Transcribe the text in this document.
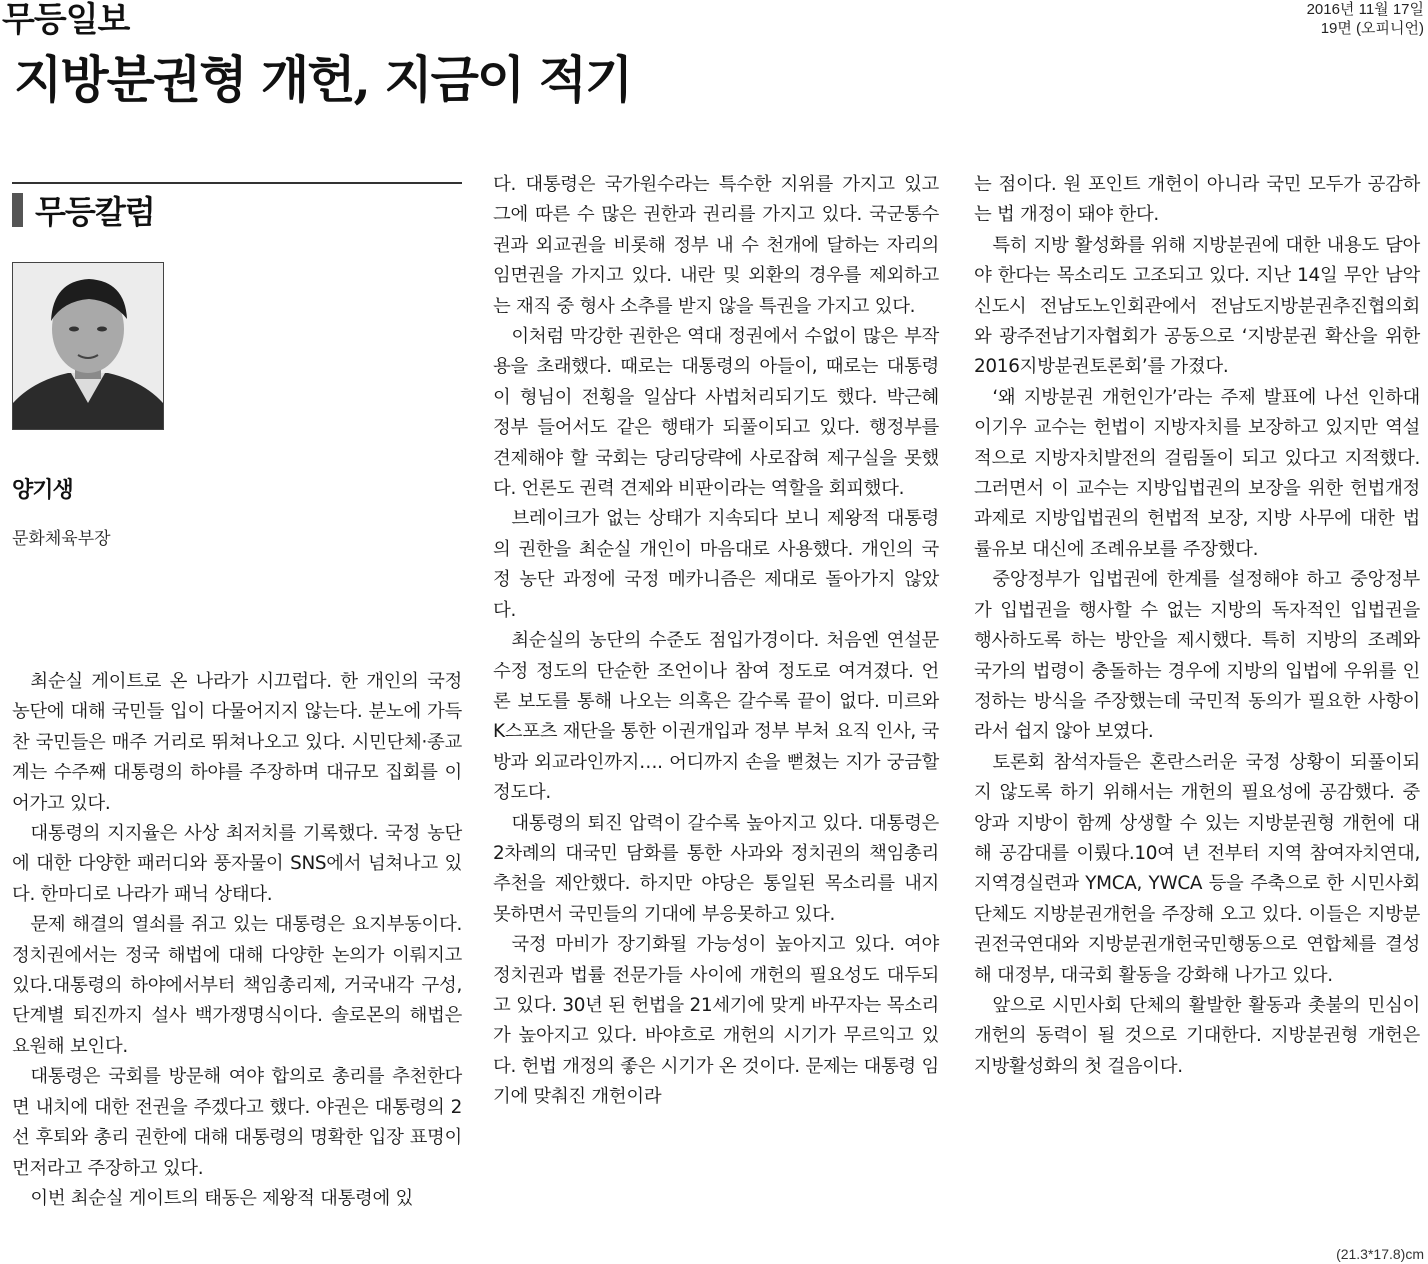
무등일보	2016년 11월 17일
19면 (오피니언)
지방분권형 개헌, 지금이 적기
무등칼럼
양기생
문화체육부장

최순실 게이트로 온 나라가 시끄럽다. 한 개인의 국정 농단에 대해 국민들 입이 다물어지지 않는다. 분노에 가득찬 국민들은 매주 거리로 뛰쳐나오고 있다. 시민단체·종교계는 수주째 대통령의 하야를 주장하며 대규모 집회를 이어가고 있다.

대통령의 지지율은 사상 최저치를 기록했다. 국정 농단에 대한 다양한 패러디와 풍자물이 SNS에서 넘쳐나고 있다. 한마디로 나라가 패닉 상태다.

문제 해결의 열쇠를 쥐고 있는 대통령은 요지부동이다. 정치권에서는 정국 해법에 대해 다양한 논의가 이뤄지고 있다.대통령의 하야에서부터 책임총리제, 거국내각 구성, 단계별 퇴진까지 설사 백가쟁명식이다. 솔로몬의 해법은 요원해 보인다.

대통령은 국회를 방문해 여야 합의로 총리를 추천한다면 내치에 대한 전권을 주겠다고 했다. 야권은 대통령의 2선 후퇴와 총리 권한에 대해 대통령의 명확한 입장 표명이 먼저라고 주장하고 있다.

이번 최순실 게이트의 태동은 제왕적 대통령에 있

다. 대통령은 국가원수라는 특수한 지위를 가지고 있고 그에 따른 수 많은 권한과 권리를 가지고 있다. 국군통수권과 외교권을 비롯해 정부 내 수 천개에 달하는 자리의 임면권을 가지고 있다. 내란 및 외환의 경우를 제외하고는 재직 중 형사 소추를 받지 않을 특권을 가지고 있다.

이처럼 막강한 권한은 역대 정권에서 수없이 많은 부작용을 초래했다. 때로는 대통령의 아들이, 때로는 대통령이 형님이 전횡을 일삼다 사법처리되기도 했다. 박근혜 정부 들어서도 같은 행태가 되풀이되고 있다. 행정부를 견제해야 할 국회는 당리당략에 사로잡혀 제구실을 못했다. 언론도 권력 견제와 비판이라는 역할을 회피했다.

브레이크가 없는 상태가 지속되다 보니 제왕적 대통령의 권한을 최순실 개인이 마음대로 사용했다. 개인의 국정 농단 과정에 국정 메카니즘은 제대로 돌아가지 않았다.

최순실의 농단의 수준도 점입가경이다. 처음엔 연설문 수정 정도의 단순한 조언이나 참여 정도로 여겨졌다. 언론 보도를 통해 나오는 의혹은 갈수록 끝이 없다. 미르와 K스포츠 재단을 통한 이권개입과 정부 부처 요직 인사, 국방과 외교라인까지…. 어디까지 손을 뻗쳤는 지가 궁금할 정도다.

대통령의 퇴진 압력이 갈수록 높아지고 있다. 대통령은 2차례의 대국민 담화를 통한 사과와 정치권의 책임총리 추천을 제안했다. 하지만 야당은 통일된 목소리를 내지 못하면서 국민들의 기대에 부응못하고 있다.

국정 마비가 장기화될 가능성이 높아지고 있다. 여야 정치권과 법률 전문가들 사이에 개헌의 필요성도 대두되고 있다. 30년 된 헌법을 21세기에 맞게 바꾸자는 목소리가 높아지고 있다. 바야흐로 개헌의 시기가 무르익고 있다. 헌법 개정의 좋은 시기가 온 것이다. 문제는 대통령 임기에 맞춰진 개헌이라

는 점이다. 원 포인트 개헌이 아니라 국민 모두가 공감하는 법 개정이 돼야 한다.

특히 지방 활성화를 위해 지방분권에 대한 내용도 담아야 한다는 목소리도 고조되고 있다. 지난 14일 무안 남악신도시 전남도노인회관에서 전남도지방분권추진협의회와 광주전남기자협회가 공동으로 ‘지방분권 확산을 위한 2016지방분권토론회’를 가졌다.

‘왜 지방분권 개헌인가’라는 주제 발표에 나선 인하대 이기우 교수는 헌법이 지방자치를 보장하고 있지만 역설적으로 지방자치발전의 걸림돌이 되고 있다고 지적했다. 그러면서 이 교수는 지방입법권의 보장을 위한 헌법개정과제로 지방입법권의 헌법적 보장, 지방 사무에 대한 법률유보 대신에 조례유보를 주장했다.

중앙정부가 입법권에 한계를 설정해야 하고 중앙정부가 입법권을 행사할 수 없는 지방의 독자적인 입법권을 행사하도록 하는 방안을 제시했다. 특히 지방의 조례와 국가의 법령이 충돌하는 경우에 지방의 입법에 우위를 인정하는 방식을 주장했는데 국민적 동의가 필요한 사항이라서 쉽지 않아 보였다.

토론회 참석자들은 혼란스러운 국정 상황이 되풀이되지 않도록 하기 위해서는 개헌의 필요성에 공감했다. 중앙과 지방이 함께 상생할 수 있는 지방분권형 개헌에 대해 공감대를 이뤘다.10여 년 전부터 지역 참여자치연대, 지역경실련과 YMCA, YWCA 등을 주축으로 한 시민사회단체도 지방분권개헌을 주장해 오고 있다. 이들은 지방분권전국연대와 지방분권개헌국민행동으로 연합체를 결성해 대정부, 대국회 활동을 강화해 나가고 있다.

앞으로 시민사회 단체의 활발한 활동과 촛불의 민심이 개헌의 동력이 될 것으로 기대한다. 지방분권형 개헌은 지방활성화의 첫 걸음이다.

(21.3*17.8)cm
